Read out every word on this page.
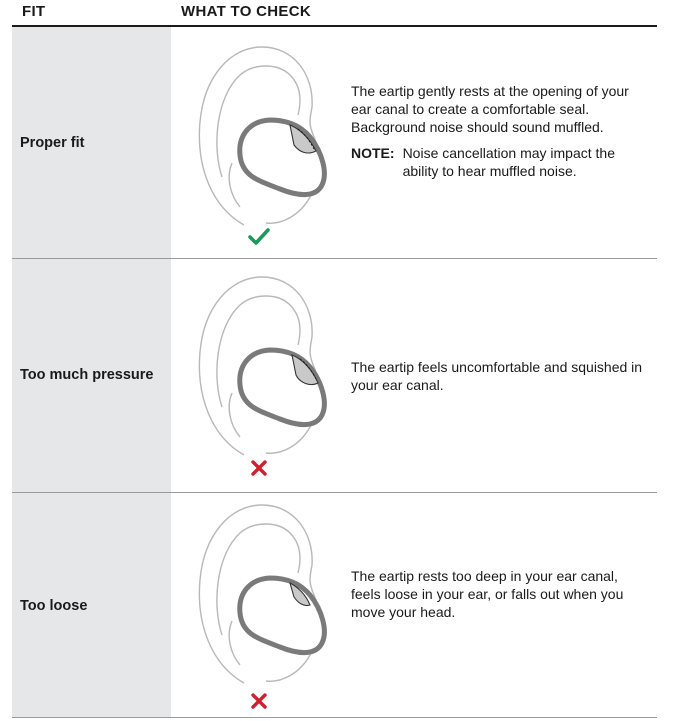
FIT	WHAT TO CHECK
Proper fit
The eartip gently rests at the opening of your ear canal to create a comfortable seal. Background noise should sound muffled.
NOTE: Noise cancellation may impact the ability to hear muffled noise.
Too much pressure	The eartip feels uncomfortable and squished in your ear canal.
Too loose
The eartip rests too deep in your ear canal, feels loose in your ear, or falls out when you move your head.
